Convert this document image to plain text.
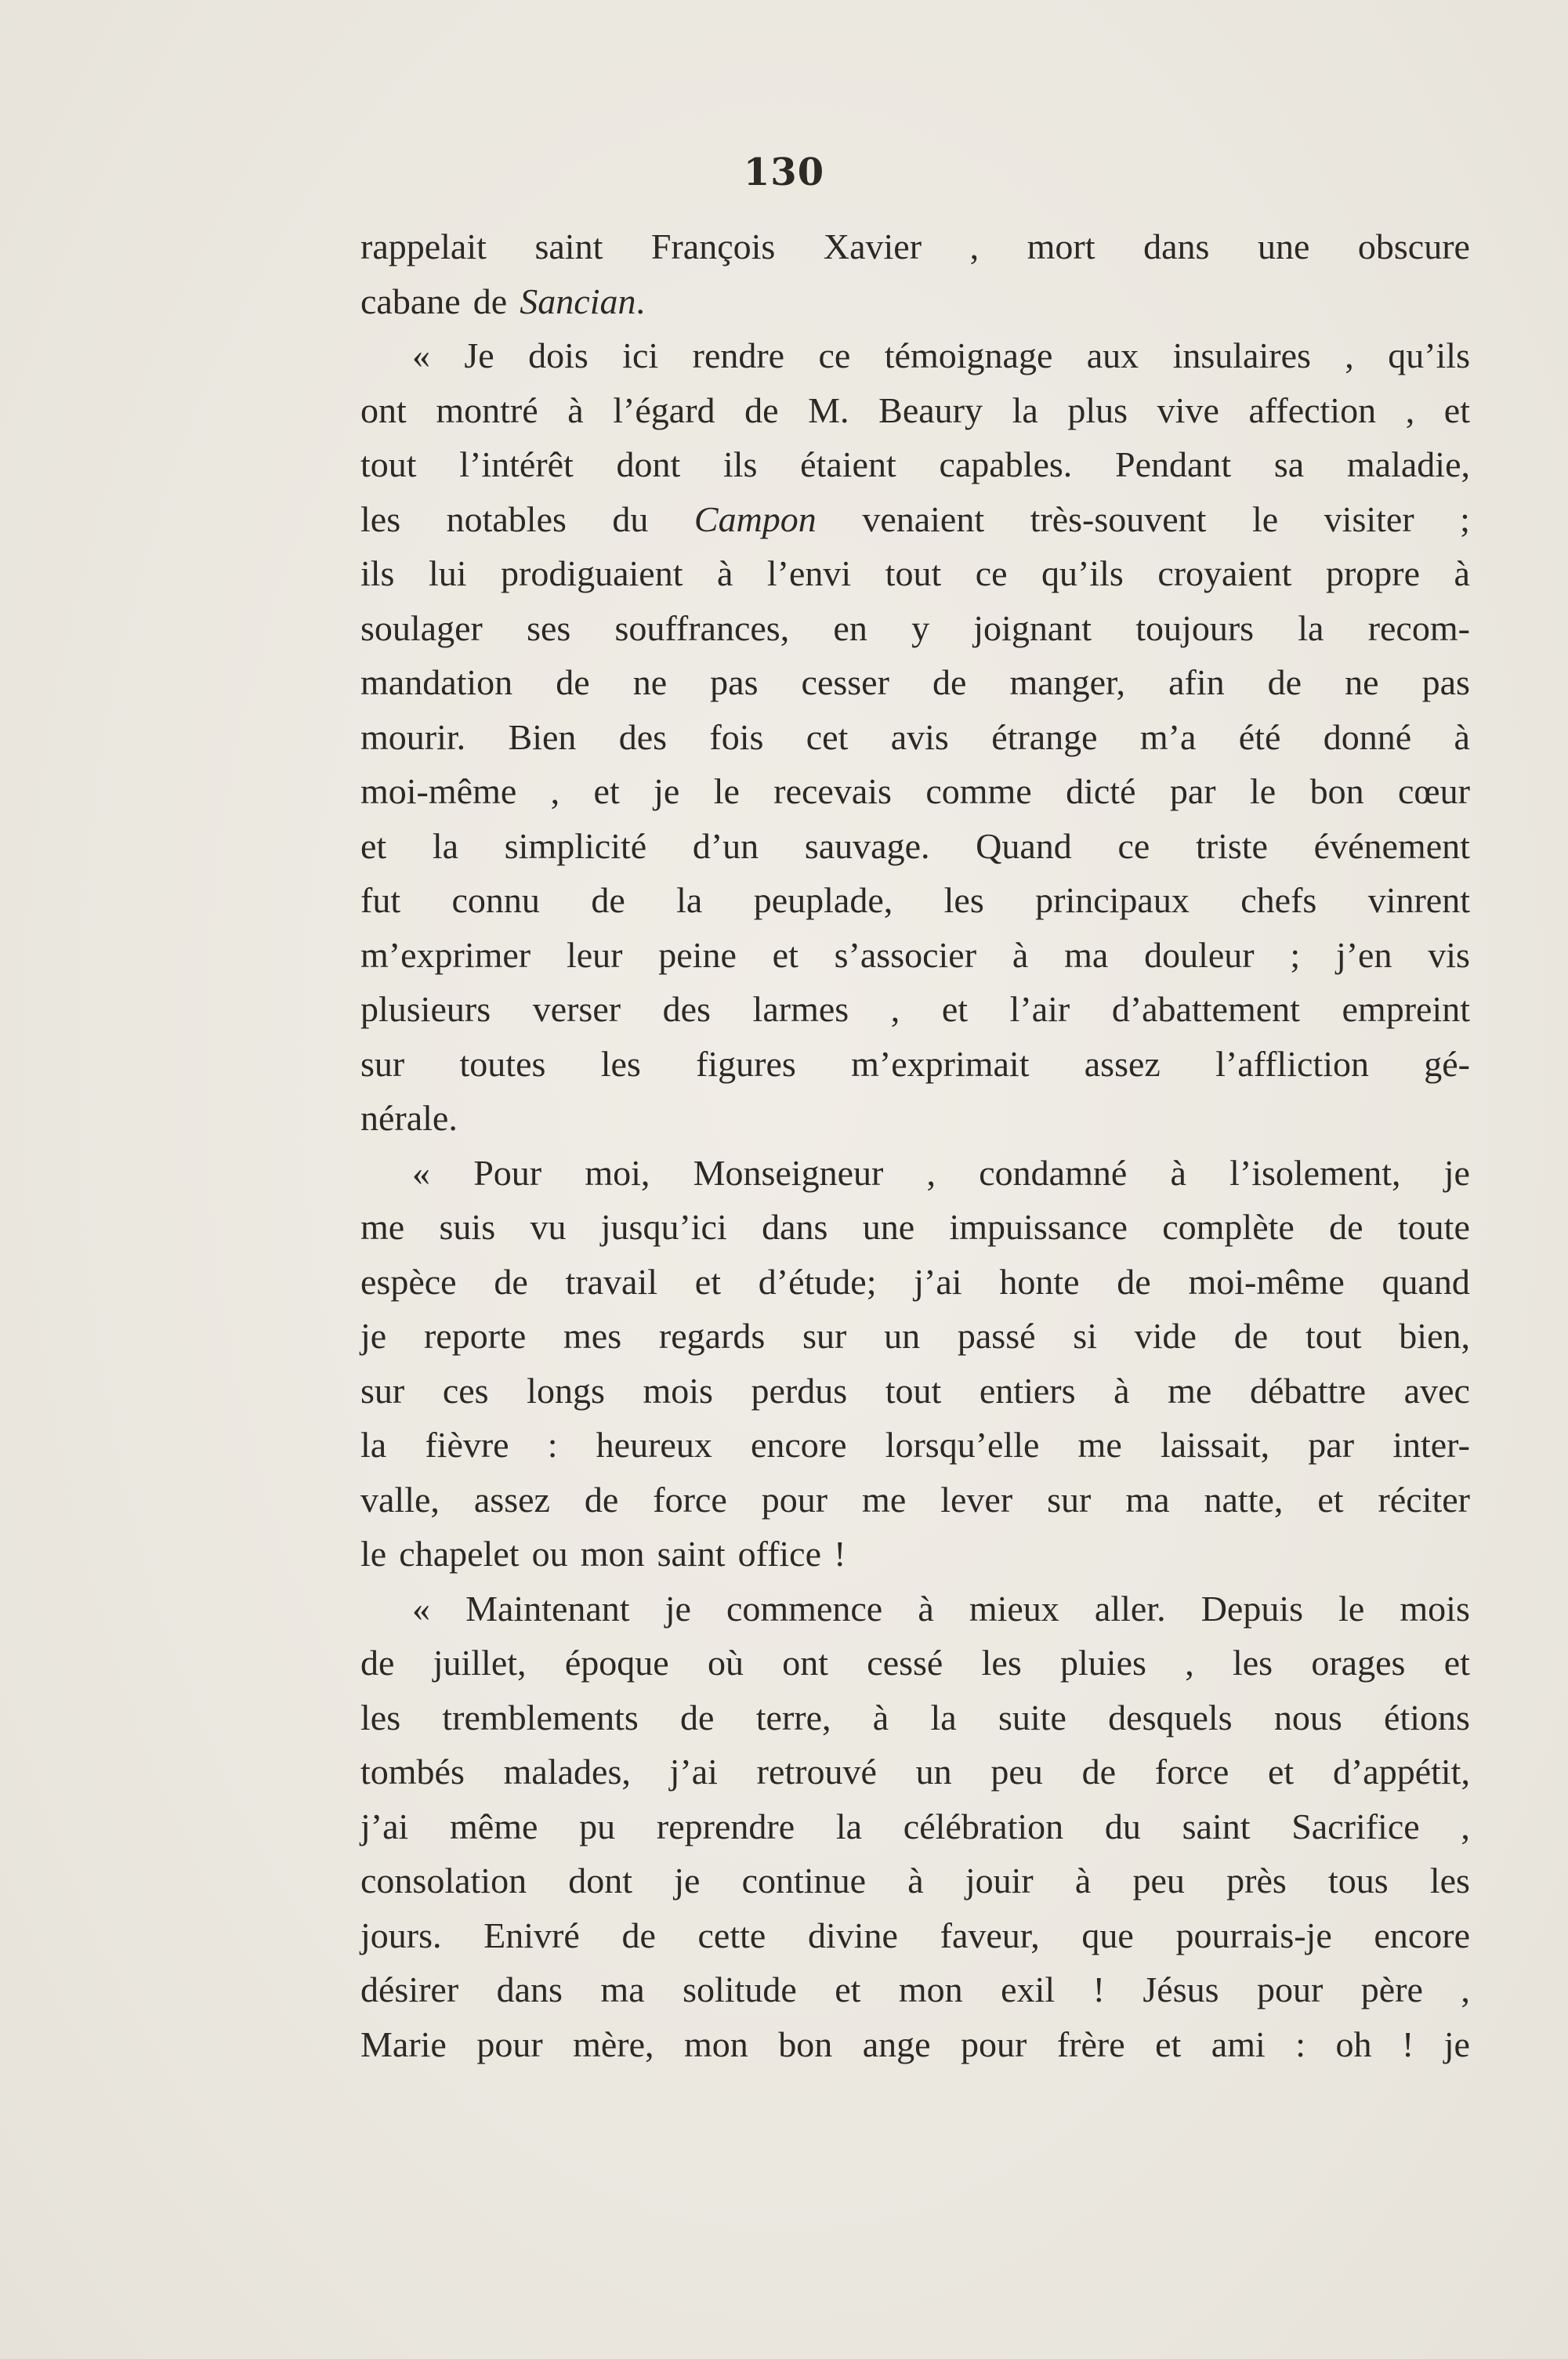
130
rappelait saint François Xavier , mort dans une obscure
cabane de Sancian.
« Je dois ici rendre ce témoignage aux insulaires , qu’ils
ont montré à l’égard de M. Beaury la plus vive affection , et
tout l’intérêt dont ils étaient capables. Pendant sa maladie,
les notables du Campon venaient très-souvent le visiter ;
ils lui prodiguaient à l’envi tout ce qu’ils croyaient propre à
soulager ses souffrances, en y joignant toujours la recom-
mandation de ne pas cesser de manger, afin de ne pas
mourir. Bien des fois cet avis étrange m’a été donné à
moi-même , et je le recevais comme dicté par le bon cœur
et la simplicité d’un sauvage. Quand ce triste événement
fut connu de la peuplade, les principaux chefs vinrent
m’exprimer leur peine et s’associer à ma douleur ; j’en vis
plusieurs verser des larmes , et l’air d’abattement empreint
sur toutes les figures m’exprimait assez l’affliction gé-
nérale.
« Pour moi, Monseigneur , condamné à l’isolement, je
me suis vu jusqu’ici dans une impuissance complète de toute
espèce de travail et d’étude; j’ai honte de moi-même quand
je reporte mes regards sur un passé si vide de tout bien,
sur ces longs mois perdus tout entiers à me débattre avec
la fièvre : heureux encore lorsqu’elle me laissait, par inter-
valle, assez de force pour me lever sur ma natte, et réciter
le chapelet ou mon saint office !
« Maintenant je commence à mieux aller. Depuis le mois
de juillet, époque où ont cessé les pluies , les orages et
les tremblements de terre, à la suite desquels nous étions
tombés malades, j’ai retrouvé un peu de force et d’appétit,
j’ai même pu reprendre la célébration du saint Sacrifice ,
consolation dont je continue à jouir à peu près tous les
jours. Enivré de cette divine faveur, que pourrais-je encore
désirer dans ma solitude et mon exil ! Jésus pour père ,
Marie pour mère, mon bon ange pour frère et ami : oh ! je
